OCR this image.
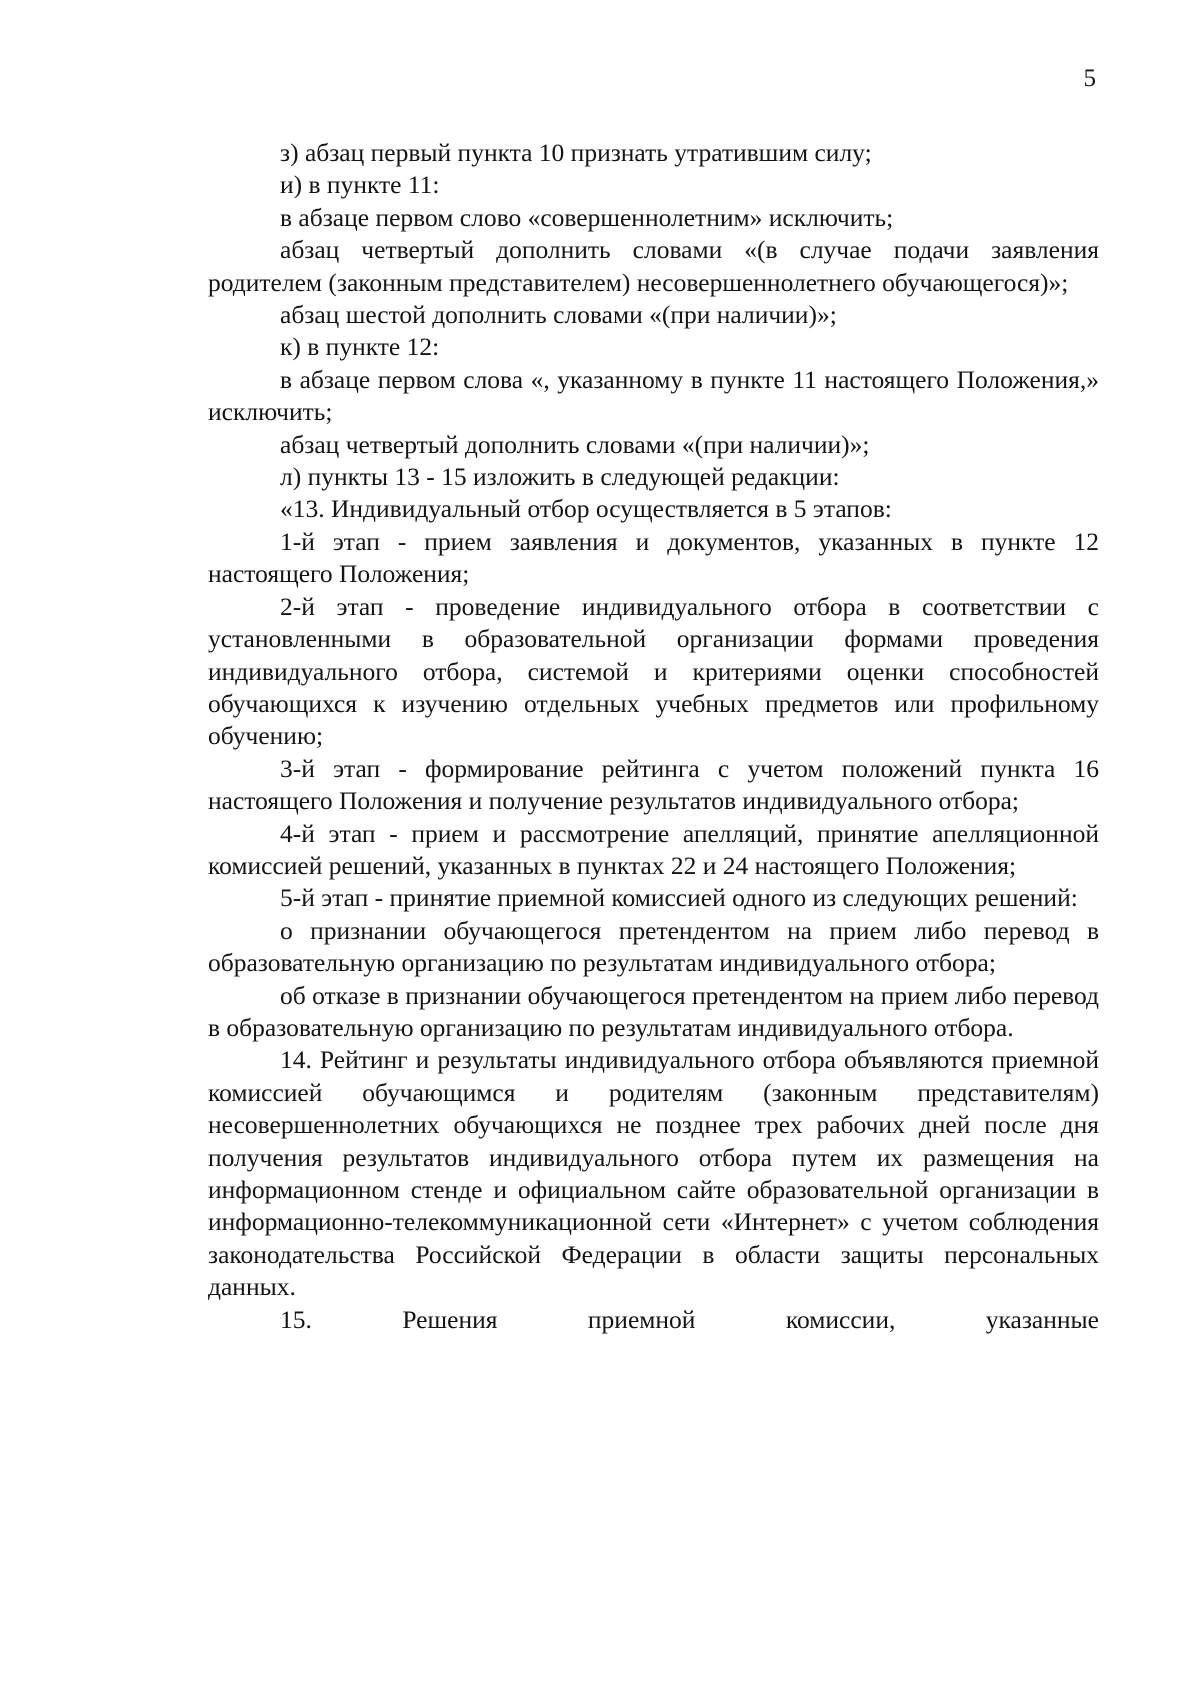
5

з) абзац первый пункта 10 признать утратившим силу;

и) в пункте 11:

в абзаце первом слово «совершеннолетним» исключить;

абзац четвертый дополнить словами «(в случае подачи заявления родителем (законным представителем) несовершеннолетнего обучающегося)»;

абзац шестой дополнить словами «(при наличии)»;

к) в пункте 12:

в абзаце первом слова «, указанному в пункте 11 настоящего Положения,» исключить;

абзац четвертый дополнить словами «(при наличии)»;

л) пункты 13 - 15 изложить в следующей редакции:

«13. Индивидуальный отбор осуществляется в 5 этапов:

1-й этап - прием заявления и документов, указанных в пункте 12 настоящего Положения;

2-й этап - проведение индивидуального отбора в соответствии с установленными в образовательной организации формами проведения индивидуального отбора, системой и критериями оценки способностей обучающихся к изучению отдельных учебных предметов или профильному обучению;

3-й этап - формирование рейтинга с учетом положений пункта 16 настоящего Положения и получение результатов индивидуального отбора;

4-й этап - прием и рассмотрение апелляций, принятие апелляционной комиссией решений, указанных в пунктах 22 и 24 настоящего Положения;

5-й этап - принятие приемной комиссией одного из следующих решений:

о признании обучающегося претендентом на прием либо перевод в образовательную организацию по результатам индивидуального отбора;

об отказе в признании обучающегося претендентом на прием либо перевод в образовательную организацию по результатам индивидуального отбора.

14. Рейтинг и результаты индивидуального отбора объявляются приемной комиссией обучающимся и родителям (законным представителям) несовершеннолетних обучающихся не позднее трех рабочих дней после дня получения результатов индивидуального отбора путем их размещения на информационном стенде и официальном сайте образовательной организации в информационно-телекоммуникационной сети «Интернет» с учетом соблюдения законодательства Российской Федерации в области защиты персональных данных.

15. Решения приемной комиссии, указанные
